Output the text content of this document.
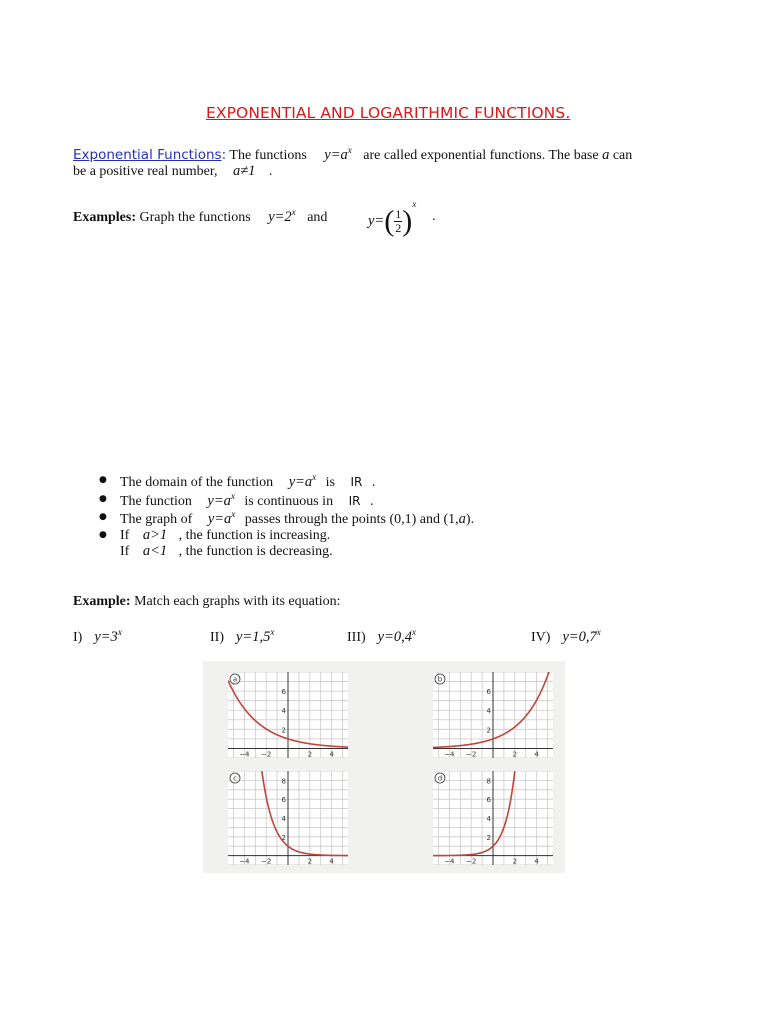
EXPONENTIAL AND LOGARITHMIC FUNCTIONS.
Exponential Functions: The functions $y=a^x$ are called exponential functions. The base a can
be a positive real number, a≠1 .
Examples: Graph the functions $y=2^x$ and	$y=( \frac{1}{2})^x$
.
● The domain of the function $y=a^x$ is IR .
● The function $y=a^x$ is continuous in IR .
● The graph of $y=a^x$ passes through the points (0,1) and (1,a).
● If a>1 , the function is increasing.
If a<1 , the function is decreasing.
Example: Match each graphs with its equation:
I) $y=3^x$	II) $y=1,5^x$	III) $y=0,4^x$	IV) $y=0,7^x$
6
4
2
−4 −2	2 4
a
6
4
2
−4 −2	2 4
b
8
6
4
2
−4 −2	2 4
c	8
6
4
2
−4 −2	2 4
d
